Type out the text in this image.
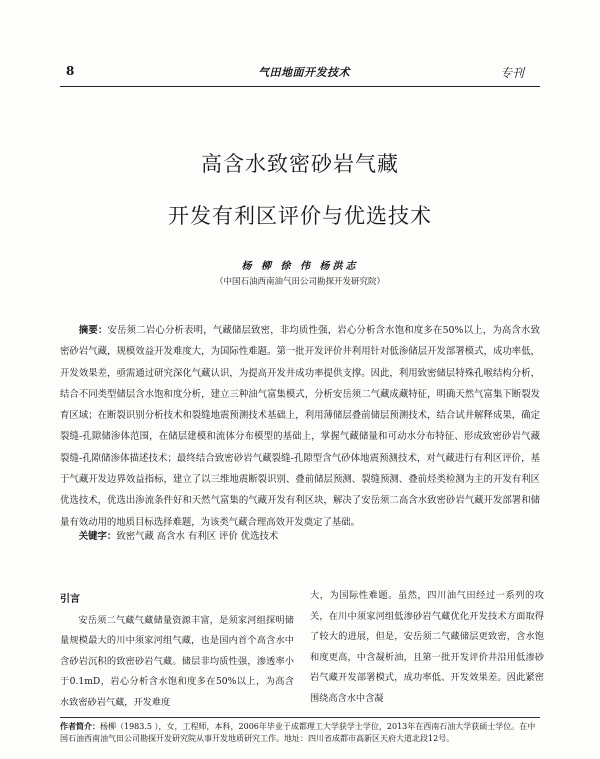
8	气田地面开发技术	专刊
高含水致密砂岩气藏
开发有利区评价与优选技术
杨 柳 徐 伟 杨洪志
（中国石油西南油气田公司勘探开发研究院）

摘要：安岳须二岩心分析表明，气藏储层致密，非均质性强，岩心分析含水饱和度多在50%以上，为高含水致密砂岩气藏，规模效益开发难度大，为国际性难题。第一批开发评价井利用针对低渗储层开发部署模式，成功率低，开发效果差，亟需通过研究深化气藏认识，为提高开发井成功率提供支撑。因此，利用致密储层特殊孔喉结构分析，结合不同类型储层含水饱和度分析，建立三种油气富集模式，分析安岳须二气藏成藏特征，明确天然气富集下断裂发育区域；在断裂识别分析技术和裂缝地震预测技术基础上，利用薄储层叠前储层预测技术，结合试井解释成果，确定裂缝-孔隙储渗体范围，在储层建模和流体分布模型的基础上，掌握气藏储量和可动水分布特征、形成致密砂岩气藏裂缝-孔隙储渗体描述技术；最终结合致密砂岩气藏裂缝-孔隙型含气砂体地震预测技术，对气藏进行有利区评价，基于气藏开发边界效益指标，建立了以三维地震断裂识别、叠前储层预测、裂缝预测、叠前烃类检测为主的开发有利区优选技术，优选出渗流条件好和天然气富集的气藏开发有利区块，解决了安岳须二高含水致密砂岩气藏开发部署和储量有效动用的地质目标选择难题，为该类气藏合理高效开发奠定了基础。

关键字：致密气藏 高含水 有利区 评价 优选技术

引言

安岳须二气藏气藏储量资源丰富，是须家河组探明储量规模最大的川中须家河组气藏，也是国内首个高含水中含砂岩沉积的致密砂岩气藏。储层非均质性强，渗透率小于0.1mD，岩心分析含水饱和度多在50%以上，为高含水致密砂岩气藏，开发难度

大，为国际性难题。虽然，四川油气田经过一系列的攻关，在川中须家河组低渗砂岩气藏优化开发技术方面取得了较大的进展，但是，安岳须二气藏储层更致密，含水饱和度更高，中含凝析油，且第一批开发评价井沿用低渗砂岩气藏开发部署模式，成功率低、开发效果差。因此紧密围绕高含水中含凝

作者简介：杨柳（1983.5 ），女，工程师，本科，2006年毕业于成都理工大学获学士学位，2013年在西南石油大学获硕士学位。在中国石油西南油气田公司勘探开发研究院从事开发地质研究工作。地址：四川省成都市高新区天府大道北段12号。
